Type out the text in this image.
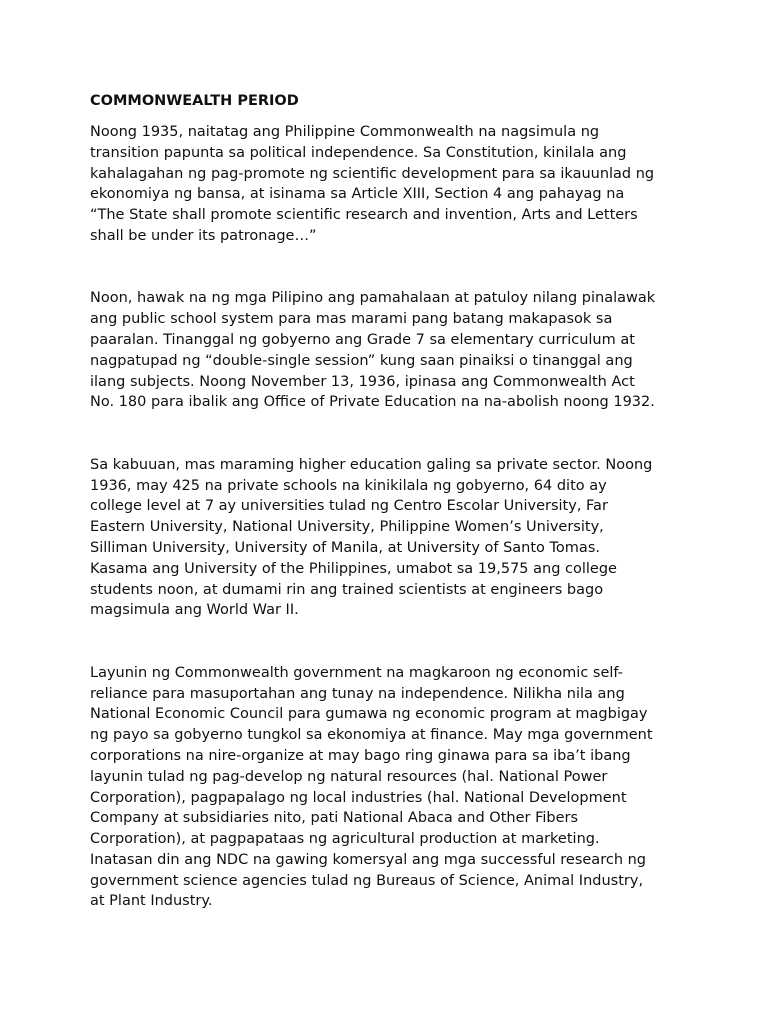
COMMONWEALTH PERIOD
Noong 1935, naitatag ang Philippine Commonwealth na nagsimula ng
transition papunta sa political independence. Sa Constitution, kinilala ang
kahalagahan ng pag-promote ng scientific development para sa ikauunlad ng
ekonomiya ng bansa, at isinama sa Article XIII, Section 4 ang pahayag na
“The State shall promote scientific research and invention, Arts and Letters
shall be under its patronage…”
Noon, hawak na ng mga Pilipino ang pamahalaan at patuloy nilang pinalawak
ang public school system para mas marami pang batang makapasok sa
paaralan. Tinanggal ng gobyerno ang Grade 7 sa elementary curriculum at
nagpatupad ng “double-single session” kung saan pinaiksi o tinanggal ang
ilang subjects. Noong November 13, 1936, ipinasa ang Commonwealth Act
No. 180 para ibalik ang Office of Private Education na na-abolish noong 1932.
Sa kabuuan, mas maraming higher education galing sa private sector. Noong
1936, may 425 na private schools na kinikilala ng gobyerno, 64 dito ay
college level at 7 ay universities tulad ng Centro Escolar University, Far
Eastern University, National University, Philippine Women’s University,
Silliman University, University of Manila, at University of Santo Tomas.
Kasama ang University of the Philippines, umabot sa 19,575 ang college
students noon, at dumami rin ang trained scientists at engineers bago
magsimula ang World War II.
Layunin ng Commonwealth government na magkaroon ng economic self-
reliance para masuportahan ang tunay na independence. Nilikha nila ang
National Economic Council para gumawa ng economic program at magbigay
ng payo sa gobyerno tungkol sa ekonomiya at finance. May mga government
corporations na nire-organize at may bago ring ginawa para sa iba’t ibang
layunin tulad ng pag-develop ng natural resources (hal. National Power
Corporation), pagpapalago ng local industries (hal. National Development
Company at subsidiaries nito, pati National Abaca and Other Fibers
Corporation), at pagpapataas ng agricultural production at marketing.
Inatasan din ang NDC na gawing komersyal ang mga successful research ng
government science agencies tulad ng Bureaus of Science, Animal Industry,
at Plant Industry.
